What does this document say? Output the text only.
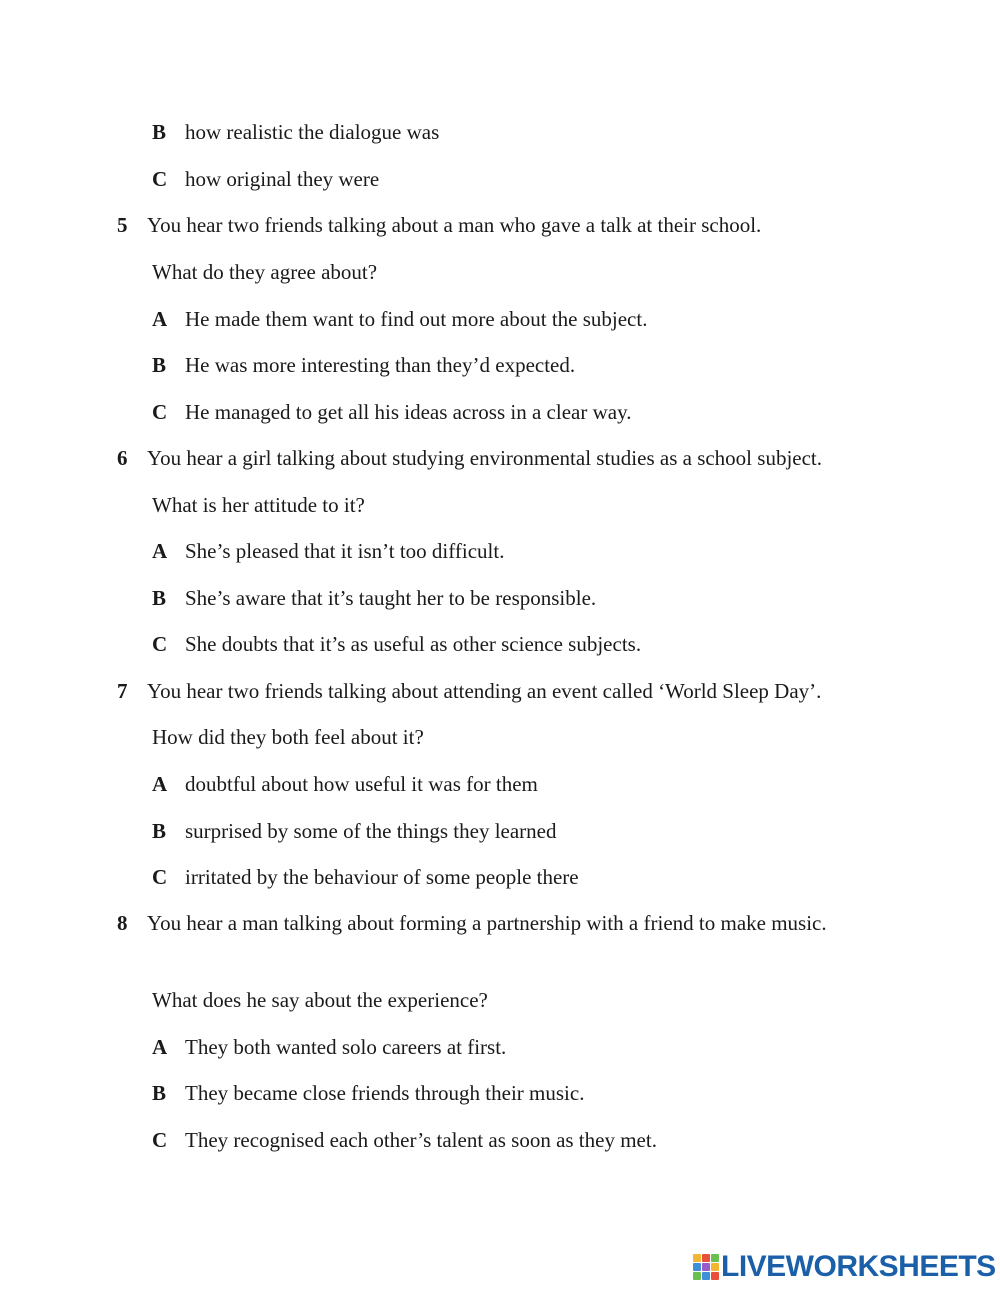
B how realistic the dialogue was
C how original they were
5 You hear two friends talking about a man who gave a talk at their school.
What do they agree about?
A He made them want to find out more about the subject.
B He was more interesting than they’d expected.
C He managed to get all his ideas across in a clear way.
6 You hear a girl talking about studying environmental studies as a school subject.
What is her attitude to it?
A She’s pleased that it isn’t too difficult.
B She’s aware that it’s taught her to be responsible.
C She doubts that it’s as useful as other science subjects.
7 You hear two friends talking about attending an event called ‘World Sleep Day’.
How did they both feel about it?
A doubtful about how useful it was for them
B surprised by some of the things they learned
C irritated by the behaviour of some people there
8 You hear a man talking about forming a partnership with a friend to make music.
What does he say about the experience?
A They both wanted solo careers at first.
B They became close friends through their music.
C They recognised each other’s talent as soon as they met.
LIVEWORKSHEETS
